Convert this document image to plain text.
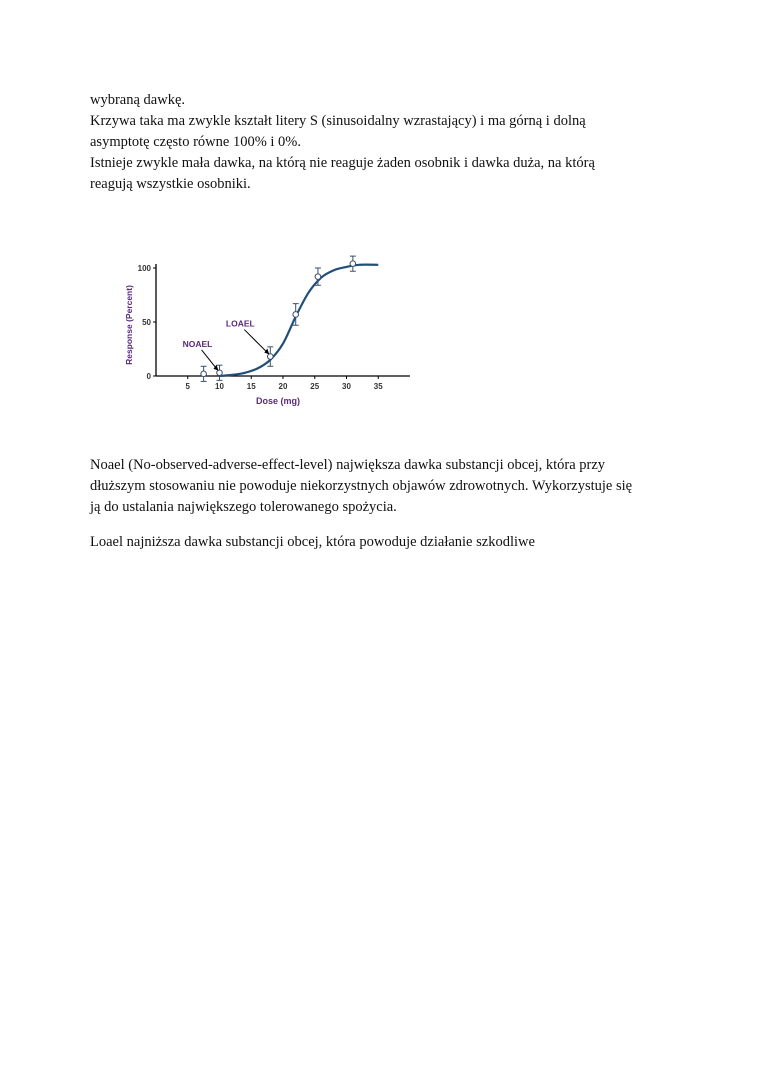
wybraną dawkę.
Krzywa taka ma zwykle kształt litery S (sinusoidalny wzrastający) i ma górną i dolną
asymptotę często równe 100% i 0%.
Istnieje zwykle mała dawka, na którą nie reaguje żaden osobnik i dawka duża, na którą
reagują wszystkie osobniki.
5	10	15	20	25	30	35
0
50
100
NOAEL
LOAEL
Dose (mg)
Response (Percent)
Noael (No-observed-adverse-effect-level) największa dawka substancji obcej, która przy
dłuższym stosowaniu nie powoduje niekorzystnych objawów zdrowotnych. Wykorzystuje się
ją do ustalania największego tolerowanego spożycia.
Loael najniższa dawka substancji obcej, która powoduje działanie szkodliwe
